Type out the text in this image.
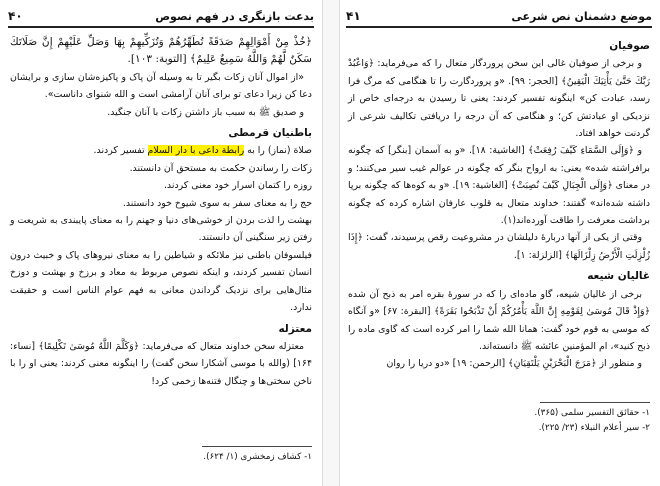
بدعت بازنگری در فهم نصوص
۴۰

﴿خُذْ مِنْ أَمْوَالِهِمْ صَدَقَةً تُطَهِّرُهُمْ وَتُزَكِّيهِمْ بِهَا وَصَلِّ عَلَيْهِمْ إِنَّ صَلَاتَكَ سَكَنٌ لَّهُمْ وَاللَّهُ سَمِيعٌ عَلِيمٌ﴾ [التوبة: ۱۰۳].

«از اموال آنان زکات بگیر تا به وسیله آن پاک و پاکیزه‌شان سازی و برایشان دعا کن زیرا دعای تو برای آنان آرامشی است و الله شنوای داناست».

و صدیق ﷺ به سبب باز داشتن زکات با آنان جنگید.

باطنیان قرمطی

صلاة (نماز) را به رابطة داعی با دار السلام تفسیر کردند.

زکات را رساندن حکمت به مستحق آن دانستند.

روزه را کتمان اسرار خود معنی کردند.

حج را به معنای سفر به سوی شیوخ خود دانستند.

بهشت را لذت بردن از خوشی‌های دنیا و جهنم را به معنای پایبندی به شریعت و رفتن زیر سنگینی آن دانستند.

فیلسوفان باطنی نیز ملائکه و شیاطین را به معنای نیروهای پاک و خبیث درون انسان تفسیر کردند، و اینکه نصوص مربوط به معاد و برزخ و بهشت و دوزخ مثال‌هایی برای نزدیک گرداندن معانی به فهم عوام الناس است و حقیقت ندارد.

معتزله

معتزله سخن خداوند متعال که می‌فرماید: ﴿وَكَلَّمَ اللَّهُ مُوسَىٰ تَكْلِيمًا﴾ [نساء: ۱۶۴] (والله با موسی آشکارا سخن گفت) را اینگونه معنی کردند: یعنی او را با ناخن سختی‌ها و چنگال فتنه‌ها زخمی کرد!

۱- کشاف زمخشری (۱/ ۶۲۴).
موضع دشمنان نص شرعی
۴۱

صوفیان

و برخی از صوفیان غالی این سخن پروردگار متعال را که می‌فرماید: ﴿وَاعْبُدْ رَبَّكَ حَتَّىٰ يَأْتِيَكَ الْيَقِينُ﴾ [الحجر: ۹۹]. «و پروردگارت را تا هنگامی که مرگ فرا رسد، عبادت کن» اینگونه تفسیر کردند: یعنی تا رسیدن به درجه‌ای خاص از نزدیکی او عبادتش کن؛ و هنگامی که آن درجه را دریافتی تکالیف شرعی از گردنت خواهد افتاد.

و ﴿وَإِلَى السَّمَاءِ كَيْفَ رُفِعَتْ﴾ [الغاشیة: ۱۸]. «و به آسمان [بنگر] که چگونه برافراشته شده» یعنی: به ارواح بنگر که چگونه در عوالم غیب سیر می‌کنند؛ و در معنای ﴿وَإِلَى الْجِبَالِ كَيْفَ نُصِبَتْ﴾ [الغاشیة: ۱۹]. «و به کوه‌ها که چگونه برپا داشته شده‌اند» گفتند: خداوند متعال به قلوب عارفان اشاره کرده که چگونه برداشت معرفت را طاقت آورده‌اند(۱).

وقتی از یکی از آنها دربارهٔ دلیلشان در مشروعیت رقص پرسیدند، گفت: ﴿إِذَا زُلْزِلَتِ الْأَرْضُ زِلْزَالَهَا﴾ [الزلزلة: ۱].

غالیان شیعه

برخی از غالیان شیعه، گاو ماده‌ای را که در سورهٔ بقره امر به ذبح آن شده ﴿وَإِذْ قَالَ مُوسَىٰ لِقَوْمِهِ إِنَّ اللَّهَ يَأْمُرُكُمْ أَنْ تَذْبَحُوا بَقَرَةً﴾ [البقرة: ۶۷] «و آنگاه که موسی به قوم خود گفت: همانا الله شما را امر کرده است که گاوی ماده را ذبح کنید»، ام المؤمنین عائشه ﷺ دانسته‌اند.

و منظور از ﴿مَرَجَ الْبَحْرَيْنِ يَلْتَقِيَانِ﴾ [الرحمن: ۱۹] «دو دریا را روان

۱- حقائق التفسیر سلمی (۳۶۵).
۲- سیر أعلام النبلاء (۲۳/ ۲۲۵).
